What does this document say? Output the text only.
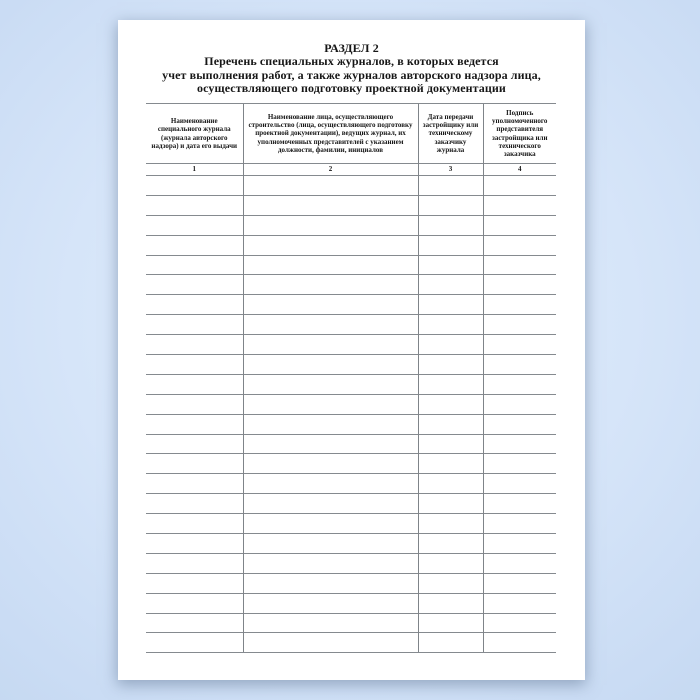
РАЗДЕЛ 2
Перечень специальных журналов, в которых ведется
учет выполнения работ, а также журналов авторского надзора лица,
осуществляющего подготовку проектной документации
Наименование специального журнала (журнала авторского надзора) и дата его выдачи	Наименование лица, осуществляющего строительство (лица, осуществляющего подготовку проектной документации), ведущих журнал, их уполномоченных представителей с указанием должности, фамилии, инициалов	Дата передачи застройщику или техническому заказчику журнала	Подпись уполномоченного представителя застройщика или технического заказчика
1	2	3	4
